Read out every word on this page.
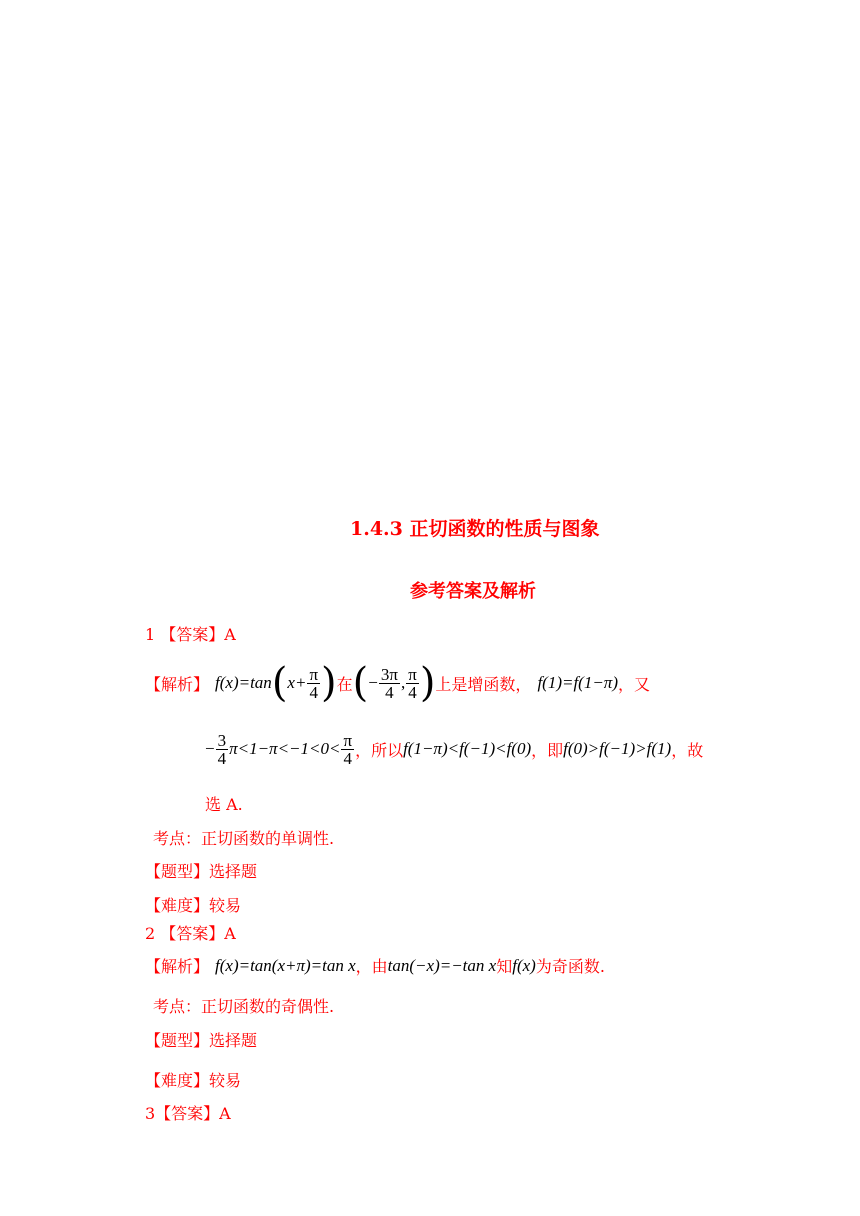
1.4.3 正切函数的性质与图象
参考答案及解析
1 【答案】A
【解析】 f(x)=tan ( $x+ \frac{\pi}{4}$ ) 在 ( − $\frac{3\pi}{4}$ , $\frac{\pi}{4}$ ) 上是增函数， f(1)=f(1−π) ，又
− $\frac{3}{4} \pi<1-\pi<-1<0< \frac{\pi}{4}$ ，所以 f(1−π)<f(−1)<f(0) ，即 f(0)>f(−1)>f(1) ，故
选 A.
考点：正切函数的单调性.
【题型】选择题
【难度】较易
2 【答案】A
【解析】 f(x)=tan(x+π)=tan x ，由 tan(−x)=−tan x 知 f(x) 为奇函数.
考点：正切函数的奇偶性.
【题型】选择题
【难度】较易
3【答案】A
